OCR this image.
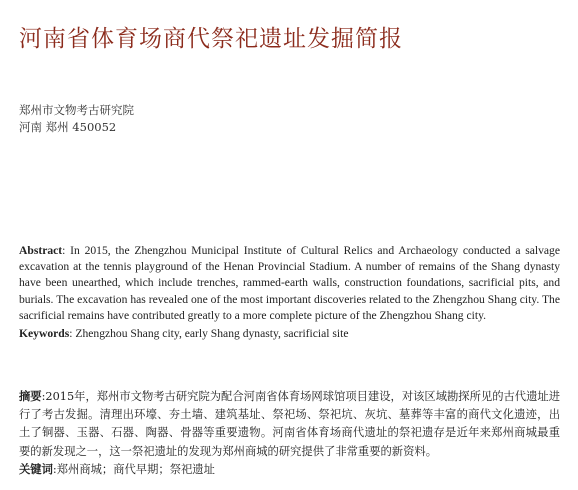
河南省体育场商代祭祀遗址发掘简报
郑州市文物考古研究院
河南 郑州 450052

Abstract: In 2015, the Zhengzhou Municipal Institute of Cultural Relics and Archaeology conducted a salvage excavation at the tennis playground of the Henan Provincial Stadium. A number of remains of the Shang dynasty have been unearthed, which include trenches, rammed-earth walls, construction foundations, sacrificial pits, and burials. The excavation has revealed one of the most important discoveries related to the Zhengzhou Shang city. The sacrificial remains have contributed greatly to a more complete picture of the Zhengzhou Shang city.

Keywords: Zhengzhou Shang city, early Shang dynasty, sacrificial site

摘要:2015年，郑州市文物考古研究院为配合河南省体育场网球馆项目建设，对该区域勘探所见的古代遗址进行了考古发掘。清理出环壕、夯土墙、建筑基址、祭祀场、祭祀坑、灰坑、墓葬等丰富的商代文化遗迹，出土了铜器、玉器、石器、陶器、骨器等重要遗物。河南省体育场商代遗址的祭祀遗存是近年来郑州商城最重要的新发现之一，这一祭祀遗址的发现为郑州商城的研究提供了非常重要的新资料。

关键词:郑州商城；商代早期；祭祀遗址
